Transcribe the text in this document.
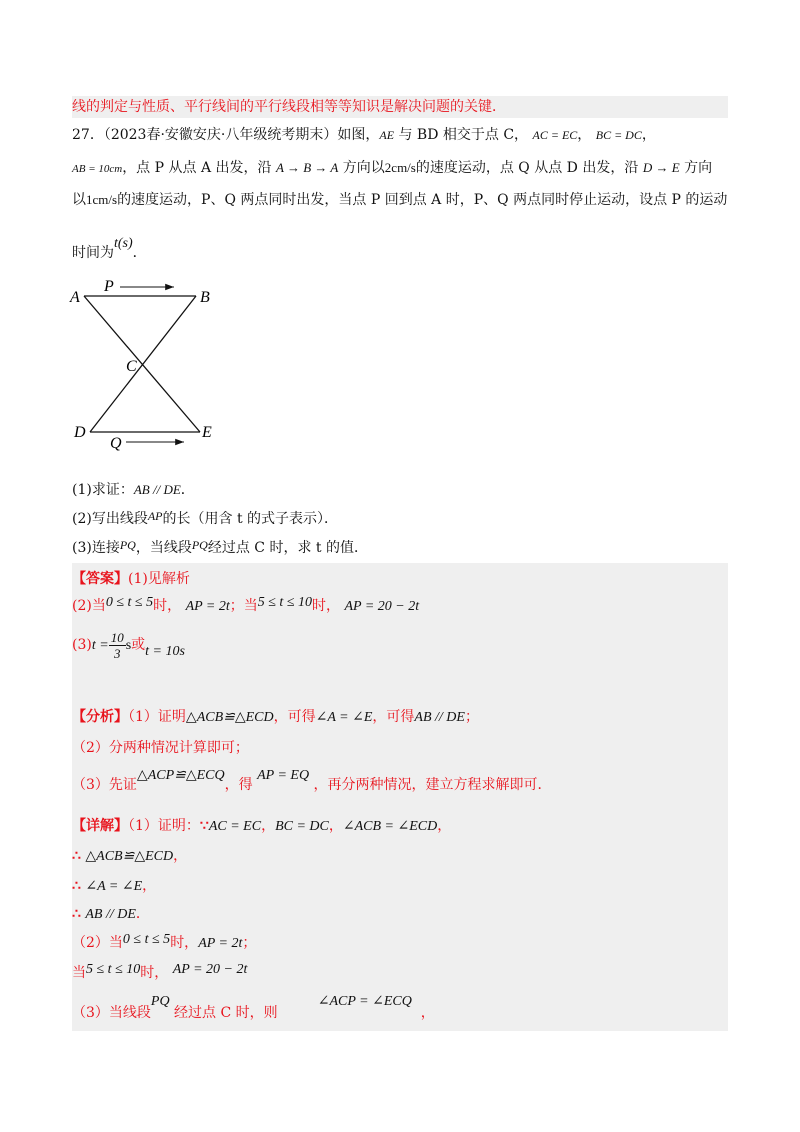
线的判定与性质、平行线间的平行线段相等等知识是解决问题的关键．
27．（2023春·安徽安庆·八年级统考期末）如图，AE 与 BD 相交于点 C， AC = EC， BC = DC，
AB = 10cm，点 P 从点 A 出发，沿 A → B → A 方向以2cm/s的速度运动，点 Q 从点 D 出发，沿 D → E 方向
以1cm/s的速度运动，P、Q 两点同时出发，当点 P 回到点 A 时，P、Q 两点同时停止运动，设点 P 的运动
时间为t(s)．
A	B
C
D	E
P
Q
(1)求证：AB // DE．
(2)写出线段AP的长（用含 t 的式子表示）．
(3)连接PQ，当线段PQ经过点 C 时，求 t 的值．
【答案】(1)见解析
(2)当0 ≤ t ≤ 5时， AP = 2t；当5 ≤ t ≤ 10时， AP = 20 − 2t
$(3)t = \frac{10}{3}$ s或t = 10s
【分析】（1）证明△ACB≌△ECD，可得∠A = ∠E，可得AB // DE；
（2）分两种情况计算即可；
（3）先证△ACP≌△ECQ，得 AP = EQ ，再分两种情况，建立方程求解即可．
【详解】（1）证明：∵AC = EC，BC = DC，∠ACB = ∠ECD，
∴ △ACB≌△ECD，
∴ ∠A = ∠E，
∴ AB // DE．
（2）当0 ≤ t ≤ 5时，AP = 2t；
当5 ≤ t ≤ 10时， AP = 20 − 2t
（3）当线段PQ 经过点 C 时，则         ∠ACP = ∠ECQ  ，
